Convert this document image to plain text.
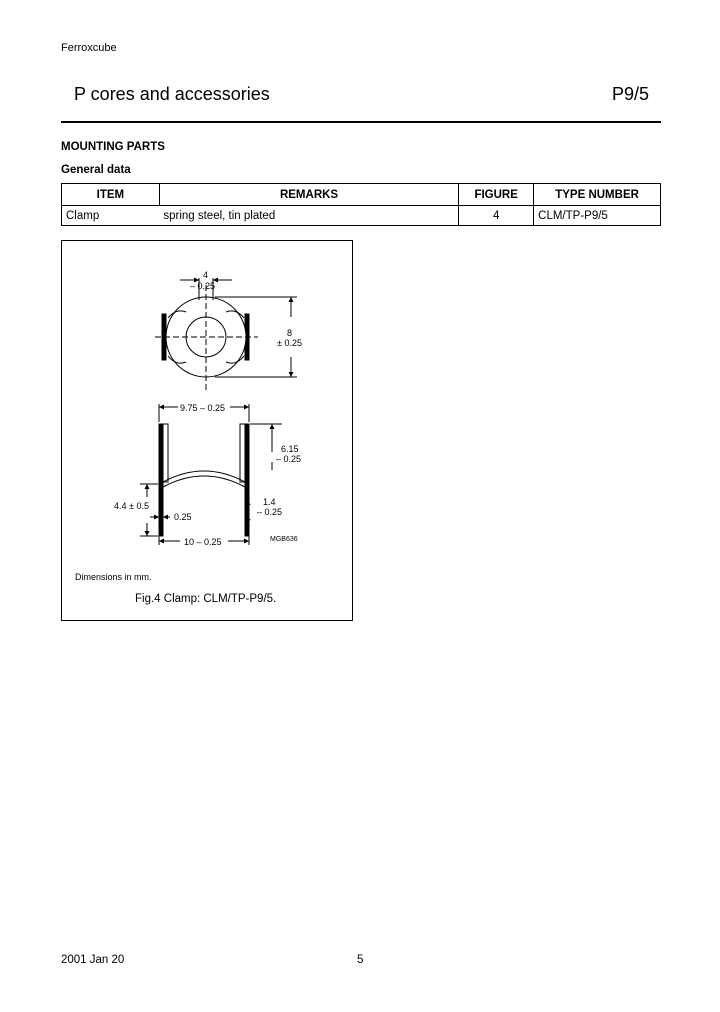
Ferroxcube
P cores and accessories	P9/5
MOUNTING PARTS
General data
ITEM	REMARKS	FIGURE	TYPE NUMBER
Clamp	spring steel, tin plated	4	CLM/TP-P9/5
4
– 0.25
8
± 0.25
9.75 – 0.25
6.15
– 0.25
4.4 ± 0.5
0.25
1.4
– 0.25
10 – 0.25	MGB636
Dimensions in mm.
Fig.4 Clamp: CLM/TP-P9/5.
2001 Jan 20	5
